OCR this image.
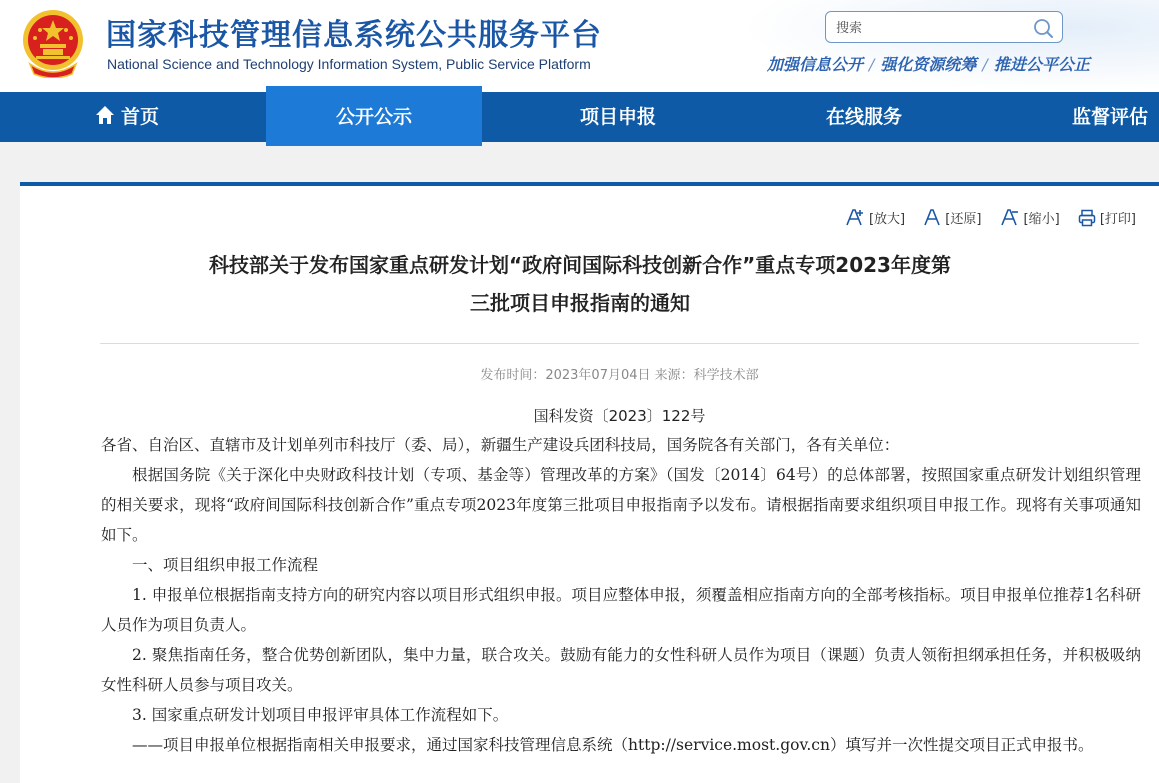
国家科技管理信息系统公共服务平台
National Science and Technology Information System, Public Service Platform
搜索	加强信息公开 / 强化资源统筹 / 推进公平公正
首页	公开公示	项目申报	在线服务	监督评估
[放大]	[还原]	[缩小]	[打印]
科技部关于发布国家重点研发计划“政府间国际科技创新合作”重点专项2023年度第
三批项目申报指南的通知
发布时间：2023年07月04日 来源：科学技术部
国科发资〔2023〕122号

各省、自治区、直辖市及计划单列市科技厅（委、局），新疆生产建设兵团科技局，国务院各有关部门，各有关单位：

根据国务院《关于深化中央财政科技计划（专项、基金等）管理改革的方案》（国发〔2014〕64号）的总体部署，按照国家重点研发计划组织管理的相关要求，现将“政府间国际科技创新合作”重点专项2023年度第三批项目申报指南予以发布。请根据指南要求组织项目申报工作。现将有关事项通知如下。

一、项目组织申报工作流程

1. 申报单位根据指南支持方向的研究内容以项目形式组织申报。项目应整体申报，须覆盖相应指南方向的全部考核指标。项目申报单位推荐1名科研人员作为项目负责人。

2. 聚焦指南任务，整合优势创新团队，集中力量，联合攻关。鼓励有能力的女性科研人员作为项目（课题）负责人领衔担纲承担任务，并积极吸纳女性科研人员参与项目攻关。

3. 国家重点研发计划项目申报评审具体工作流程如下。

——项目申报单位根据指南相关申报要求，通过国家科技管理信息系统（http://service.most.gov.cn）填写并一次性提交项目正式申报书。
